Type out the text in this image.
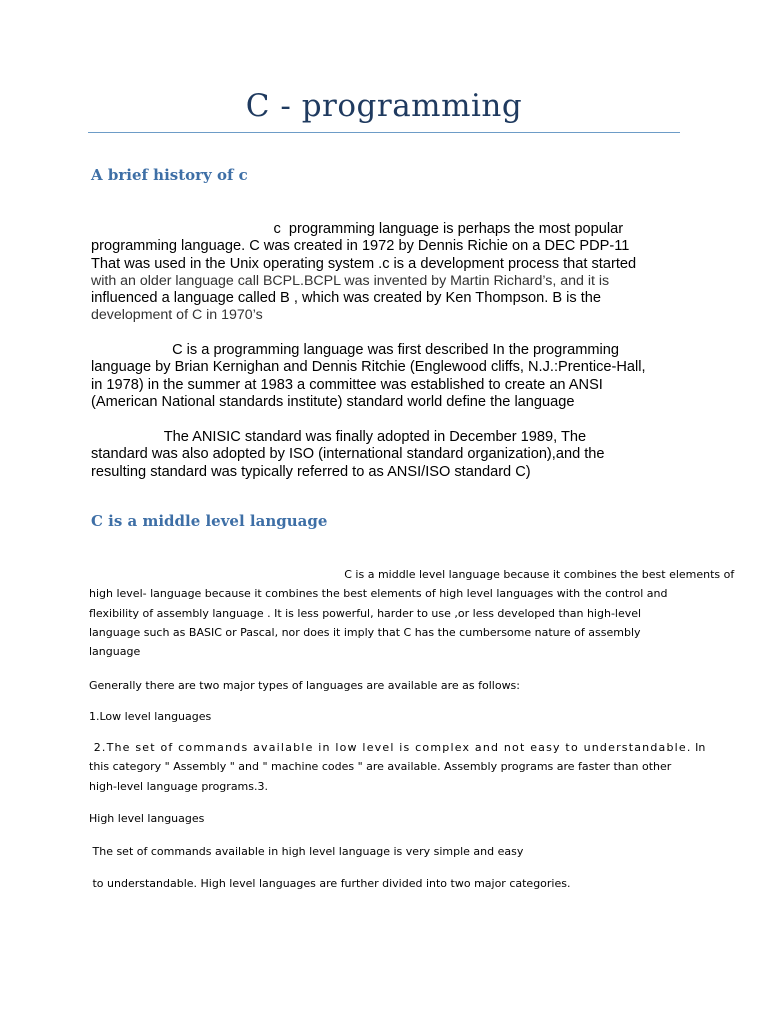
C - programming
A brief history of c
c  programming language is perhaps the most popular
programming language. C was created in 1972 by Dennis Richie on a DEC PDP-11
That was used in the Unix operating system .c is a development process that started
with an older language call BCPL.BCPL was invented by Martin Richard’s, and it is
influenced a language called B , which was created by Ken Thompson. B is the
development of C in 1970’s
C is a programming language was first described In the programming
language by Brian Kernighan and Dennis Ritchie (Englewood cliffs, N.J.:Prentice-Hall,
in 1978) in the summer at 1983 a committee was established to create an ANSI
(American National standards institute) standard world define the language
The ANISIC standard was finally adopted in December 1989, The
standard was also adopted by ISO (international standard organization),and the
resulting standard was typically referred to as ANSI/ISO standard C)
C is a middle level language
C is a middle level language because it combines the best elements of
high level- language because it combines the best elements of high level languages with the control and
flexibility of assembly language . It is less powerful, harder to use ,or less developed than high-level
language such as BASIC or Pascal, nor does it imply that C has the cumbersome nature of assembly
language
Generally there are two major types of languages are available are as follows:
1.Low level languages
2.The set of commands available in low level is complex and not easy to understandable. In
this category " Assembly " and " machine codes " are available. Assembly programs are faster than other
high-level language programs.3.
High level languages
The set of commands available in high level language is very simple and easy
to understandable. High level languages are further divided into two major categories.
